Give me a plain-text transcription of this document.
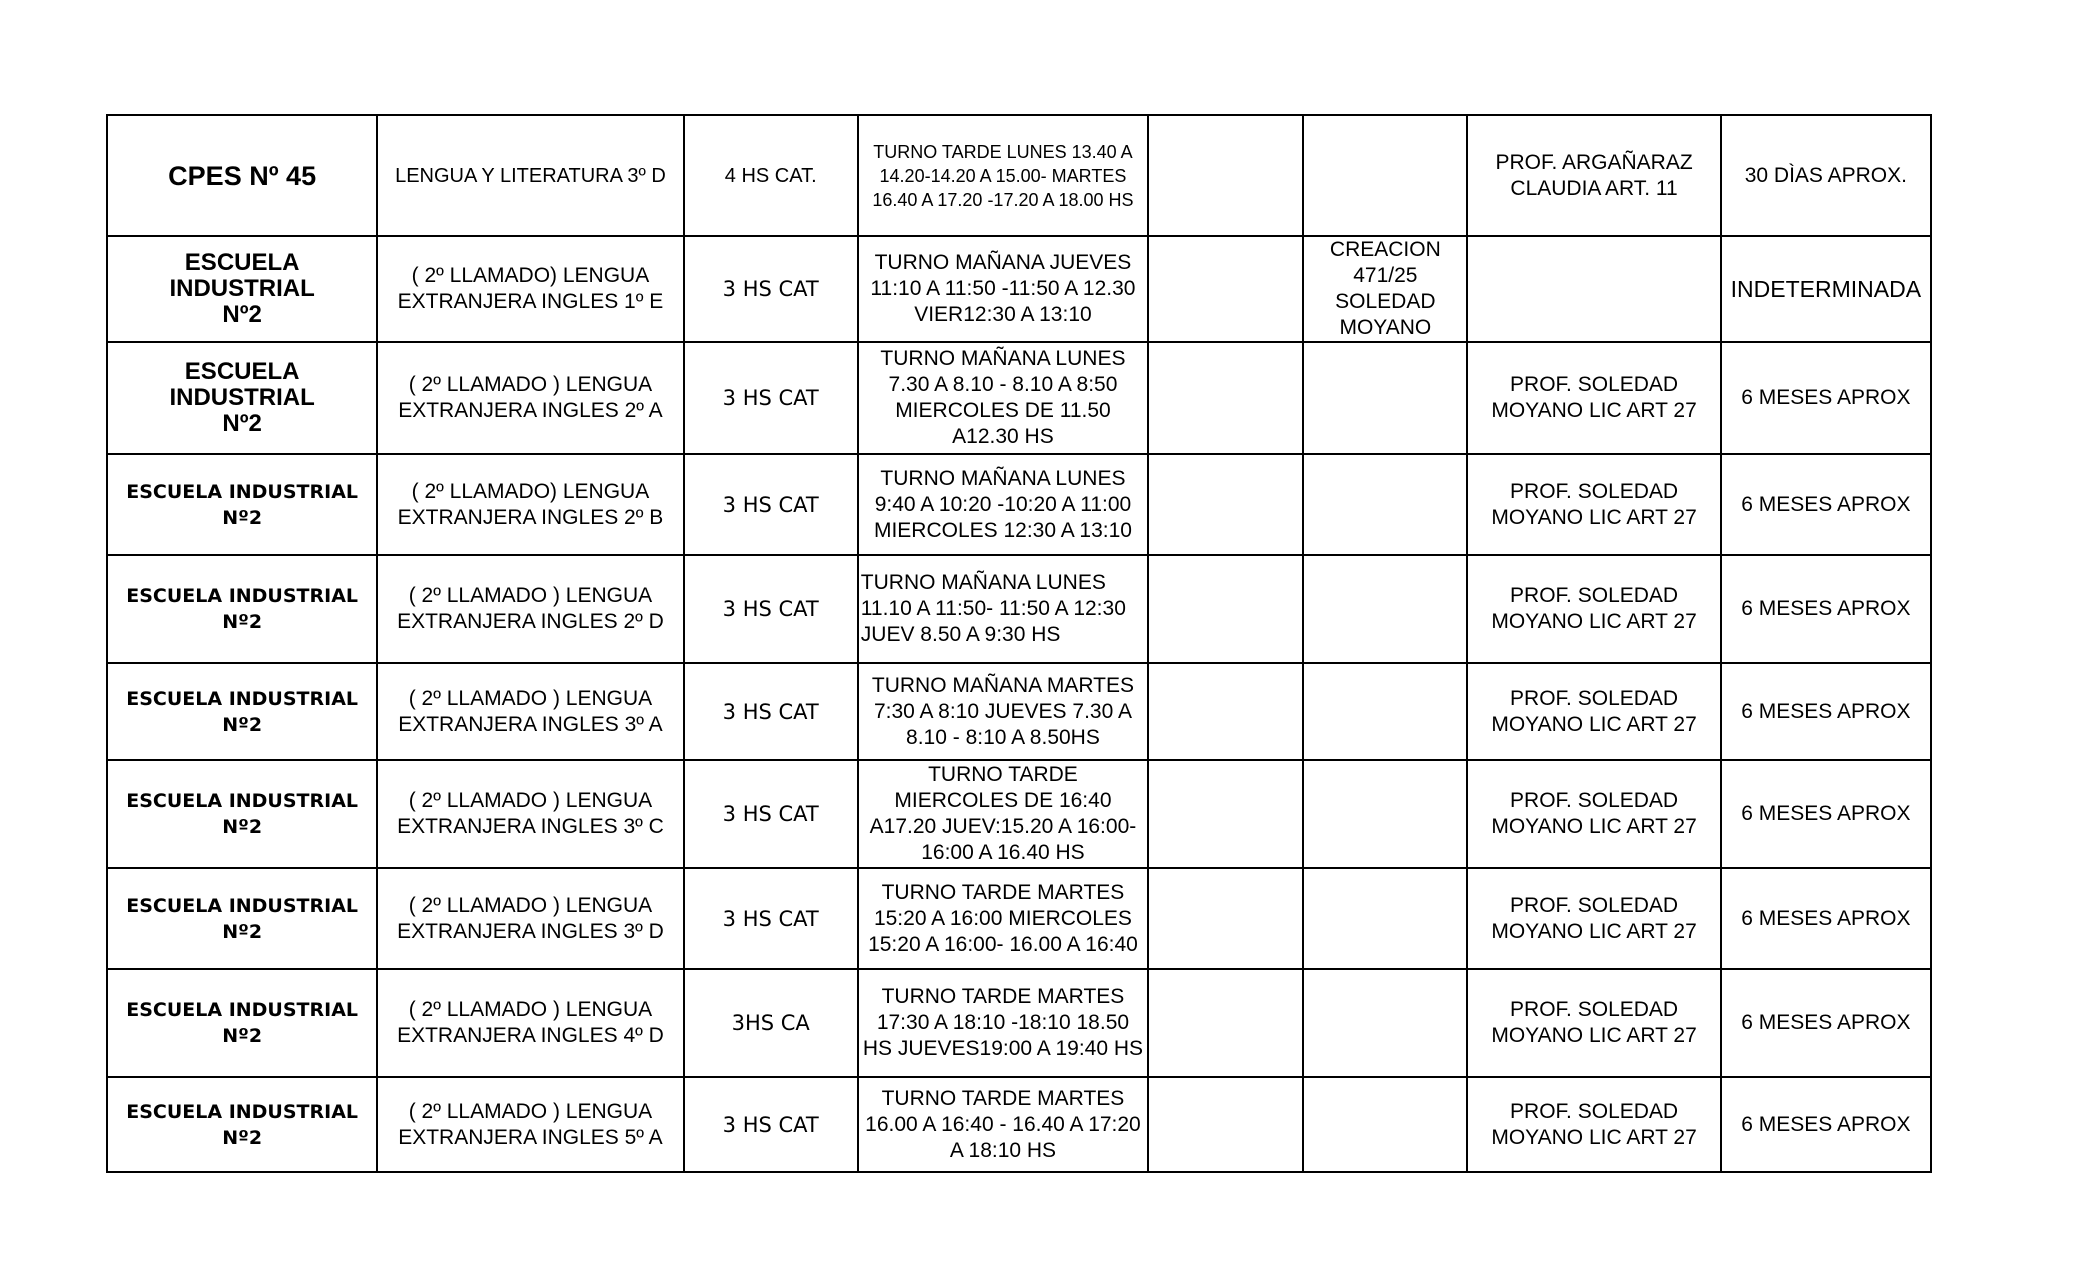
CPES Nº 45	LENGUA Y LITERATURA 3º D	4 HS CAT.	TURNO TARDE LUNES 13.40 A
14.20-14.20 A 15.00- MARTES
16.40 A 17.20 -17.20 A 18.00 HS			PROF. ARGAÑARAZ
CLAUDIA ART. 11	30 DÌAS APROX.
ESCUELA INDUSTRIAL
Nº2	( 2º LLAMADO) LENGUA
EXTRANJERA INGLES 1º E	3 HS CAT	TURNO MAÑANA JUEVES
11:10 A 11:50 -11:50 A 12.30
VIER12:30 A 13:10		CREACION
471/25
SOLEDAD
MOYANO		INDETERMINADA
ESCUELA INDUSTRIAL
Nº2	( 2º LLAMADO ) LENGUA
EXTRANJERA INGLES 2º A	3 HS CAT	TURNO MAÑANA LUNES
7.30 A 8.10 - 8.10 A 8:50
MIERCOLES DE 11.50
A12.30 HS			PROF. SOLEDAD
MOYANO LIC ART 27	6 MESES APROX
ESCUELA INDUSTRIAL Nº2	( 2º LLAMADO) LENGUA
EXTRANJERA INGLES 2º B	3 HS CAT	TURNO MAÑANA LUNES
9:40 A 10:20 -10:20 A 11:00
MIERCOLES 12:30 A 13:10			PROF. SOLEDAD
MOYANO LIC ART 27	6 MESES APROX
ESCUELA INDUSTRIAL Nº2	( 2º LLAMADO ) LENGUA
EXTRANJERA INGLES 2º D	3 HS CAT	TURNO MAÑANA LUNES
11.10 A 11:50- 11:50 A 12:30
JUEV 8.50 A 9:30 HS			PROF. SOLEDAD
MOYANO LIC ART 27	6 MESES APROX
ESCUELA INDUSTRIAL Nº2	( 2º LLAMADO ) LENGUA
EXTRANJERA INGLES 3º A	3 HS CAT	TURNO MAÑANA MARTES
7:30 A 8:10 JUEVES 7.30 A
8.10 - 8:10 A 8.50HS			PROF. SOLEDAD
MOYANO LIC ART 27	6 MESES APROX
ESCUELA INDUSTRIAL Nº2	( 2º LLAMADO ) LENGUA
EXTRANJERA INGLES 3º C	3 HS CAT	TURNO TARDE
MIERCOLES DE 16:40
A17.20 JUEV:15.20 A 16:00-
16:00 A 16.40 HS			PROF. SOLEDAD
MOYANO LIC ART 27	6 MESES APROX
ESCUELA INDUSTRIAL Nº2	( 2º LLAMADO ) LENGUA
EXTRANJERA INGLES 3º D	3 HS CAT	TURNO TARDE MARTES
15:20 A 16:00 MIERCOLES
15:20 A 16:00- 16.00 A 16:40			PROF. SOLEDAD
MOYANO LIC ART 27	6 MESES APROX
ESCUELA INDUSTRIAL Nº2	( 2º LLAMADO ) LENGUA
EXTRANJERA INGLES 4º D	3HS CA	TURNO TARDE MARTES
17:30 A 18:10 -18:10 18.50
HS JUEVES19:00 A 19:40 HS			PROF. SOLEDAD
MOYANO LIC ART 27	6 MESES APROX
ESCUELA INDUSTRIAL Nº2	( 2º LLAMADO ) LENGUA
EXTRANJERA INGLES 5º A	3 HS CAT	TURNO TARDE MARTES
16.00 A 16:40 - 16.40 A 17:20
A 18:10 HS			PROF. SOLEDAD
MOYANO LIC ART 27	6 MESES APROX
